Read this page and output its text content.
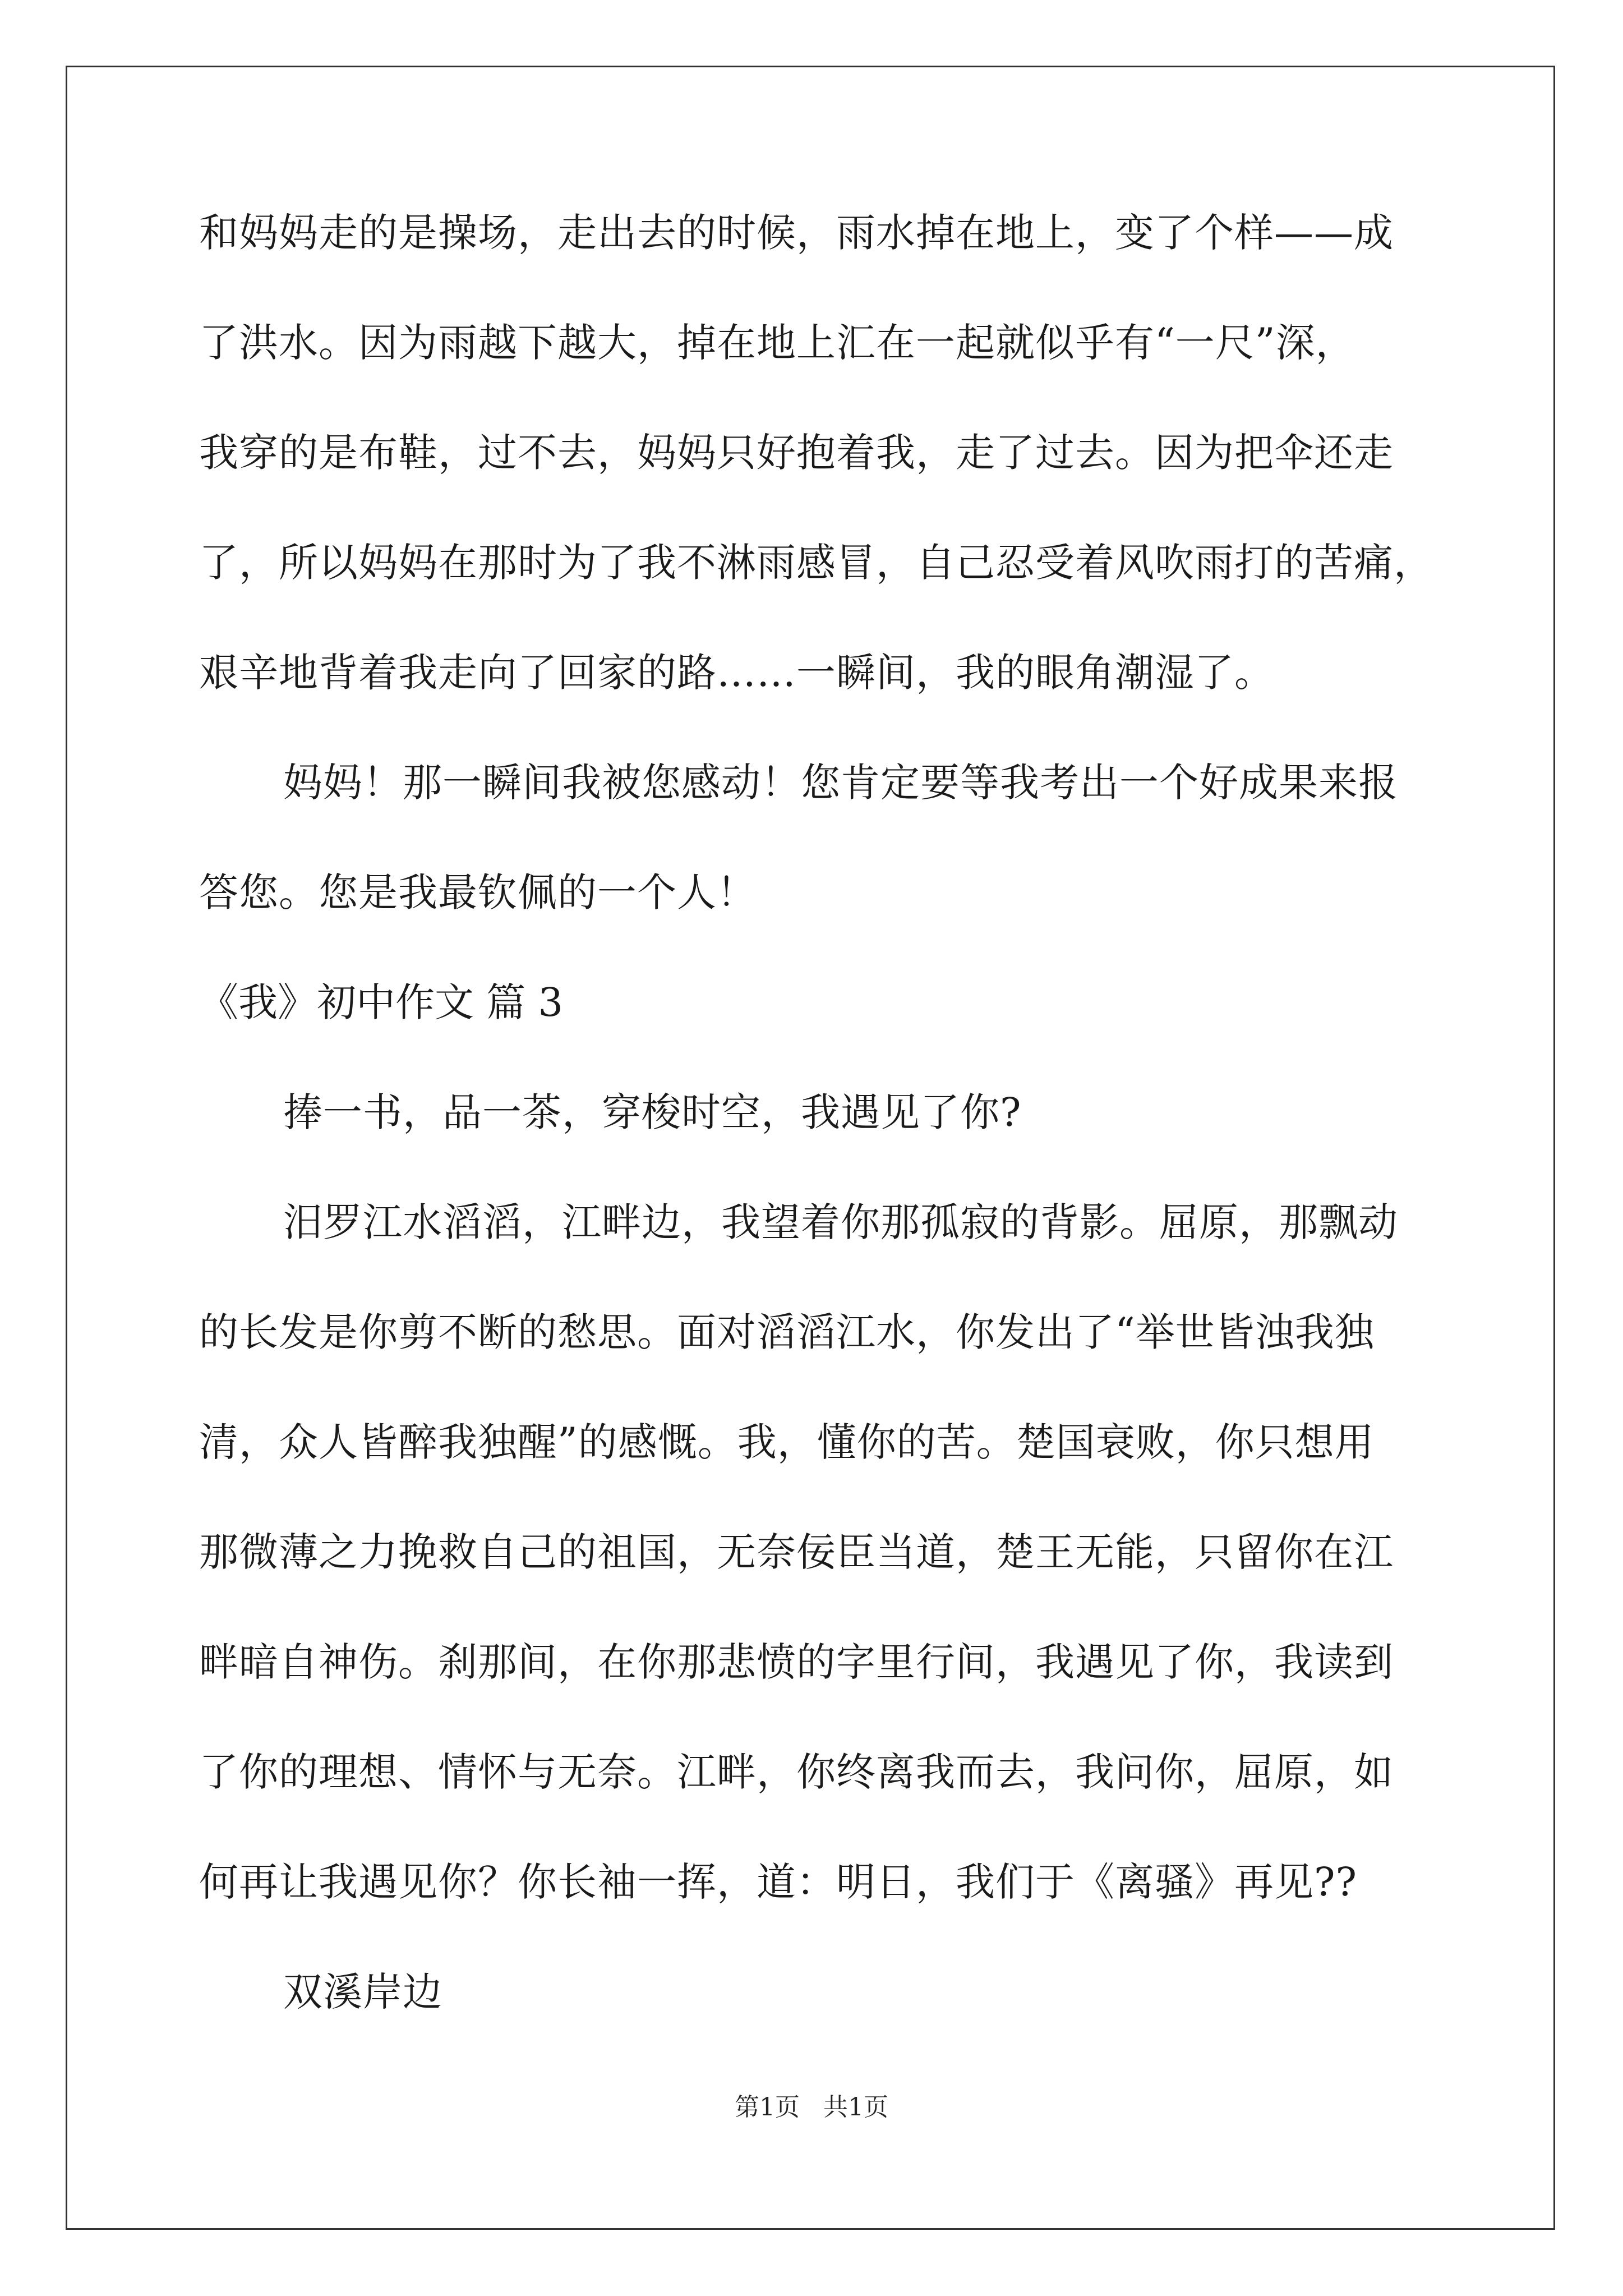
和妈妈走的是操场，走出去的时候，雨水掉在地上，变了个样——成
了洪水。因为雨越下越大，掉在地上汇在一起就似乎有“一尺”深，
我穿的是布鞋，过不去，妈妈只好抱着我，走了过去。因为把伞还走
了，所以妈妈在那时为了我不淋雨感冒，自己忍受着风吹雨打的苦痛，
艰辛地背着我走向了回家的路……一瞬间，我的眼角潮湿了。
妈妈！那一瞬间我被您感动！您肯定要等我考出一个好成果来报
答您。您是我最钦佩的一个人！
《我》初中作文 篇 3
捧一书，品一茶，穿梭时空，我遇见了你?
汨罗江水滔滔，江畔边，我望着你那孤寂的背影。屈原，那飘动
的长发是你剪不断的愁思。面对滔滔江水，你发出了“举世皆浊我独
清，众人皆醉我独醒”的感慨。我，懂你的苦。楚国衰败，你只想用
那微薄之力挽救自己的祖国，无奈佞臣当道，楚王无能，只留你在江
畔暗自神伤。刹那间，在你那悲愤的字里行间，我遇见了你，我读到
了你的理想、情怀与无奈。江畔，你终离我而去，我问你，屈原，如
何再让我遇见你？你长袖一挥，道：明日，我们于《离骚》再见??
双溪岸边
第1页 共1页
